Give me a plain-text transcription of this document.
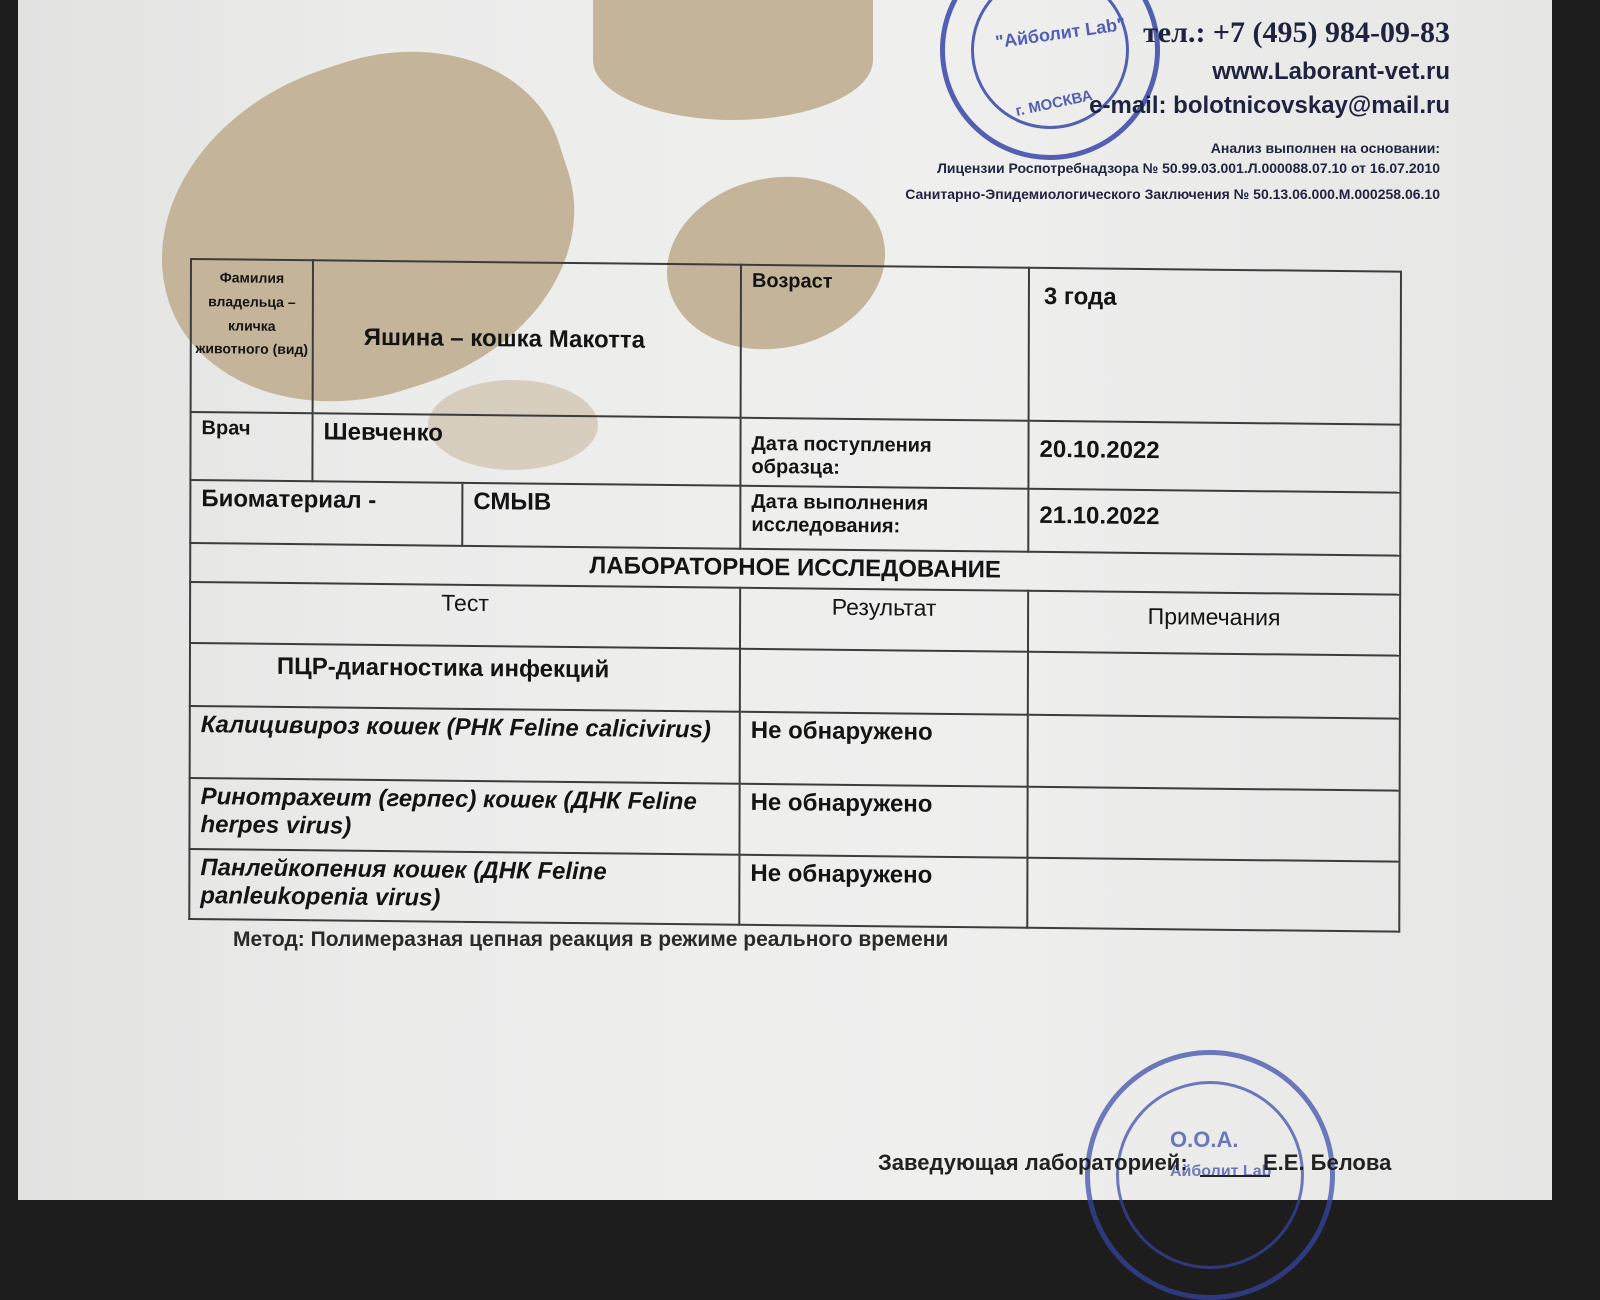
"Айболит Lab"
г. МОСКВА
тел.: +7 (495) 984-09-83
www.Laborant-vet.ru
e-mail: bolotnicovskay@mail.ru
Анализ выполнен на основании:
Лицензии Роспотребнадзора № 50.99.03.001.Л.000088.07.10 от 16.07.2010
Санитарно-Эпидемиологического Заключения № 50.13.06.000.М.000258.06.10
Фамилия владельца – кличка животного (вид)	Яшина – кошка Макотта		Возраст	3 года
Врач	Шевченко		Дата поступления образца:	20.10.2022
Биоматериал -		СМЫВ	Дата выполнения исследования:	21.10.2022
ЛАБОРАТОРНОЕ ИССЛЕДОВАНИЕ				
Тест			Результат	Примечания
ПЦР-диагностика инфекций				
Калицивироз кошек (РНК Feline calicivirus)			Не обнаружено	
Ринотрахеит (герпес) кошек (ДНК Feline herpes virus)			Не обнаружено	
Панлейкопения кошек (ДНК Feline panleukopenia virus)			Не обнаружено	
Метод: Полимеразная цепная реакция в режиме реального времени
О.О.А.
Айболит Lab
Заведующая лабораторией:	Е.Е. Белова
